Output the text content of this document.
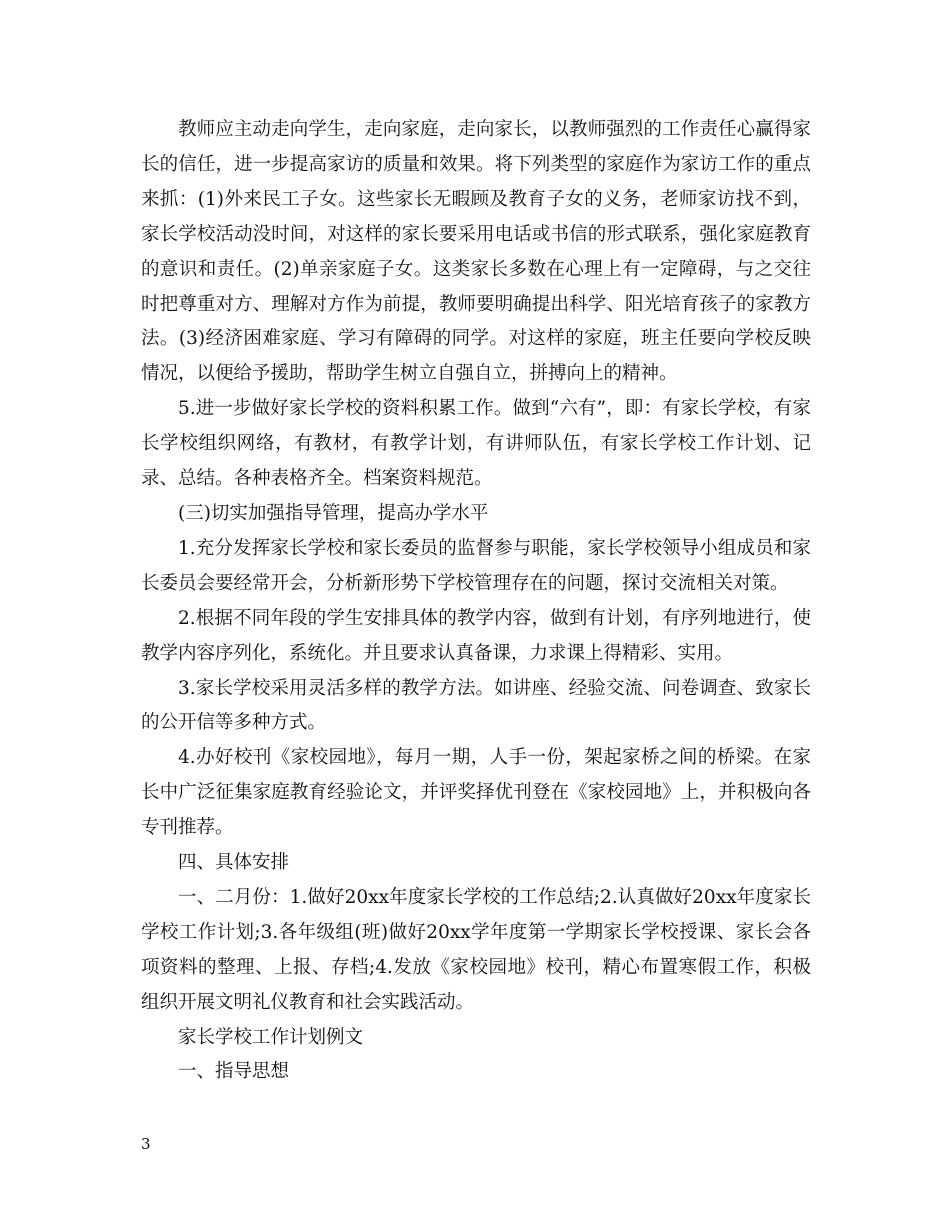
教师应主动走向学生，走向家庭，走向家长，以教师强烈的工作责任心赢得家长的信任，进一步提高家访的质量和效果。将下列类型的家庭作为家访工作的重点来抓：(1)外来民工子女。这些家长无暇顾及教育子女的义务，老师家访找不到，家长学校活动没时间，对这样的家长要采用电话或书信的形式联系，强化家庭教育的意识和责任。(2)单亲家庭子女。这类家长多数在心理上有一定障碍，与之交往时把尊重对方、理解对方作为前提，教师要明确提出科学、阳光培育孩子的家教方法。(3)经济困难家庭、学习有障碍的同学。对这样的家庭，班主任要向学校反映情况，以便给予援助，帮助学生树立自强自立，拼搏向上的精神。

5.进一步做好家长学校的资料积累工作。做到“六有”，即：有家长学校，有家长学校组织网络，有教材，有教学计划，有讲师队伍，有家长学校工作计划、记录、总结。各种表格齐全。档案资料规范。

(三)切实加强指导管理，提高办学水平

1.充分发挥家长学校和家长委员的监督参与职能，家长学校领导小组成员和家长委员会要经常开会，分析新形势下学校管理存在的问题，探讨交流相关对策。

2.根据不同年段的学生安排具体的教学内容，做到有计划，有序列地进行，使教学内容序列化，系统化。并且要求认真备课，力求课上得精彩、实用。

3.家长学校采用灵活多样的教学方法。如讲座、经验交流、问卷调查、致家长的公开信等多种方式。

4.办好校刊《家校园地》，每月一期，人手一份，架起家桥之间的桥梁。在家长中广泛征集家庭教育经验论文，并评奖择优刊登在《家校园地》上，并积极向各专刊推荐。

四、具体安排

一、二月份：1.做好20xx年度家长学校的工作总结;2.认真做好20xx年度家长学校工作计划;3.各年级组(班)做好20xx学年度第一学期家长学校授课、家长会各项资料的整理、上报、存档;4.发放《家校园地》校刊，精心布置寒假工作，积极组织开展文明礼仪教育和社会实践活动。

家长学校工作计划例文

一、指导思想

3
